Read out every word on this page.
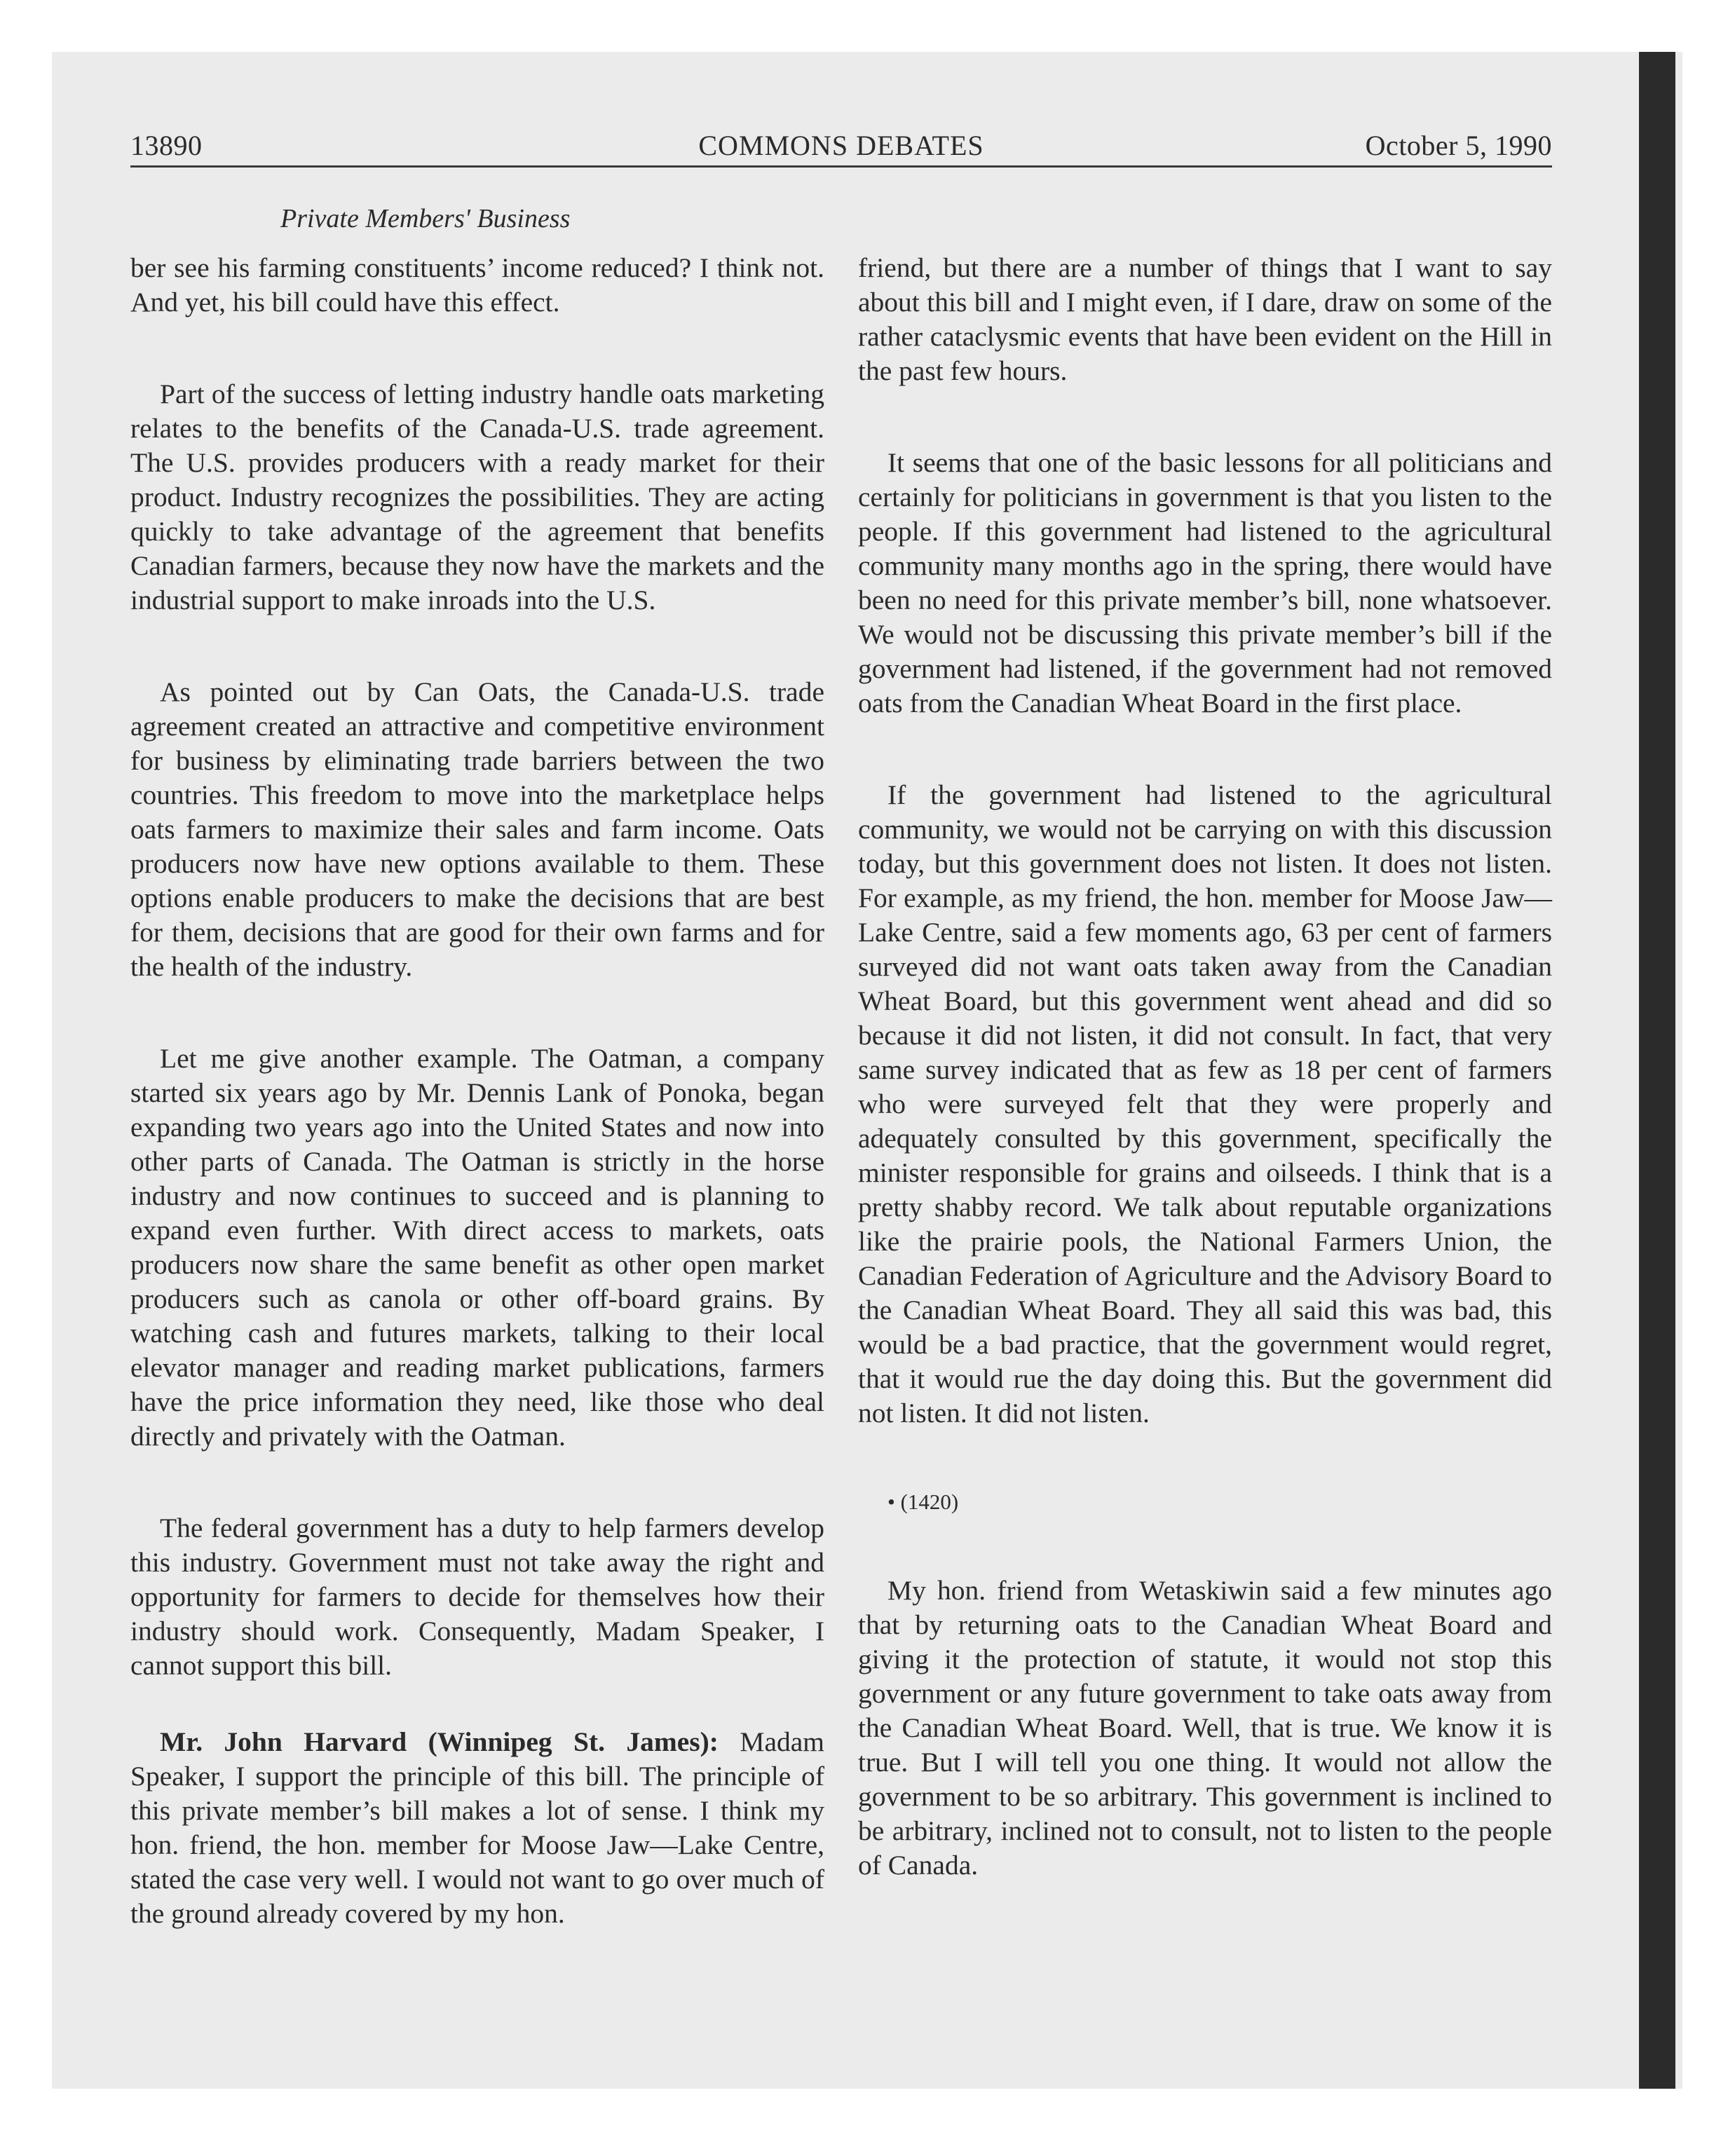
13890	COMMONS DEBATES	October 5, 1990
Private Members' Business

ber see his farming constituents’ income reduced? I think not. And yet, his bill could have this effect.

Part of the success of letting industry handle oats marketing relates to the benefits of the Canada-U.S. trade agreement. The U.S. provides producers with a ready market for their product. Industry recognizes the possibilities. They are acting quickly to take advantage of the agreement that benefits Canadian farmers, because they now have the markets and the industrial support to make inroads into the U.S.

As pointed out by Can Oats, the Canada-U.S. trade agreement created an attractive and competitive environment for business by eliminating trade barriers between the two countries. This freedom to move into the marketplace helps oats farmers to maximize their sales and farm income. Oats producers now have new options available to them. These options enable producers to make the decisions that are best for them, decisions that are good for their own farms and for the health of the industry.

Let me give another example. The Oatman, a company started six years ago by Mr. Dennis Lank of Ponoka, began expanding two years ago into the United States and now into other parts of Canada. The Oatman is strictly in the horse industry and now continues to succeed and is planning to expand even further. With direct access to markets, oats producers now share the same benefit as other open market producers such as canola or other off-board grains. By watching cash and futures markets, talking to their local elevator manager and reading market publications, farmers have the price information they need, like those who deal directly and privately with the Oatman.

The federal government has a duty to help farmers develop this industry. Government must not take away the right and opportunity for farmers to decide for themselves how their industry should work. Consequently, Madam Speaker, I cannot support this bill.

Mr. John Harvard (Winnipeg St. James): Madam Speaker, I support the principle of this bill. The principle of this private member’s bill makes a lot of sense. I think my hon. friend, the hon. member for Moose Jaw—Lake Centre, stated the case very well. I would not want to go over much of the ground already covered by my hon.

friend, but there are a number of things that I want to say about this bill and I might even, if I dare, draw on some of the rather cataclysmic events that have been evident on the Hill in the past few hours.

It seems that one of the basic lessons for all politicians and certainly for politicians in government is that you listen to the people. If this government had listened to the agricultural community many months ago in the spring, there would have been no need for this private member’s bill, none whatsoever. We would not be discussing this private member’s bill if the government had listened, if the government had not removed oats from the Canadian Wheat Board in the first place.

If the government had listened to the agricultural community, we would not be carrying on with this discussion today, but this government does not listen. It does not listen. For example, as my friend, the hon. member for Moose Jaw—Lake Centre, said a few moments ago, 63 per cent of farmers surveyed did not want oats taken away from the Canadian Wheat Board, but this government went ahead and did so because it did not listen, it did not consult. In fact, that very same survey indicated that as few as 18 per cent of farmers who were surveyed felt that they were properly and adequately consulted by this government, specifically the minister responsible for grains and oilseeds. I think that is a pretty shabby record. We talk about reputable organizations like the prairie pools, the National Farmers Union, the Canadian Federation of Agriculture and the Advisory Board to the Canadian Wheat Board. They all said this was bad, this would be a bad practice, that the government would regret, that it would rue the day doing this. But the government did not listen. It did not listen.

• (1420)

My hon. friend from Wetaskiwin said a few minutes ago that by returning oats to the Canadian Wheat Board and giving it the protection of statute, it would not stop this government or any future government to take oats away from the Canadian Wheat Board. Well, that is true. We know it is true. But I will tell you one thing. It would not allow the government to be so arbitrary. This government is inclined to be arbitrary, inclined not to consult, not to listen to the people of Canada.
